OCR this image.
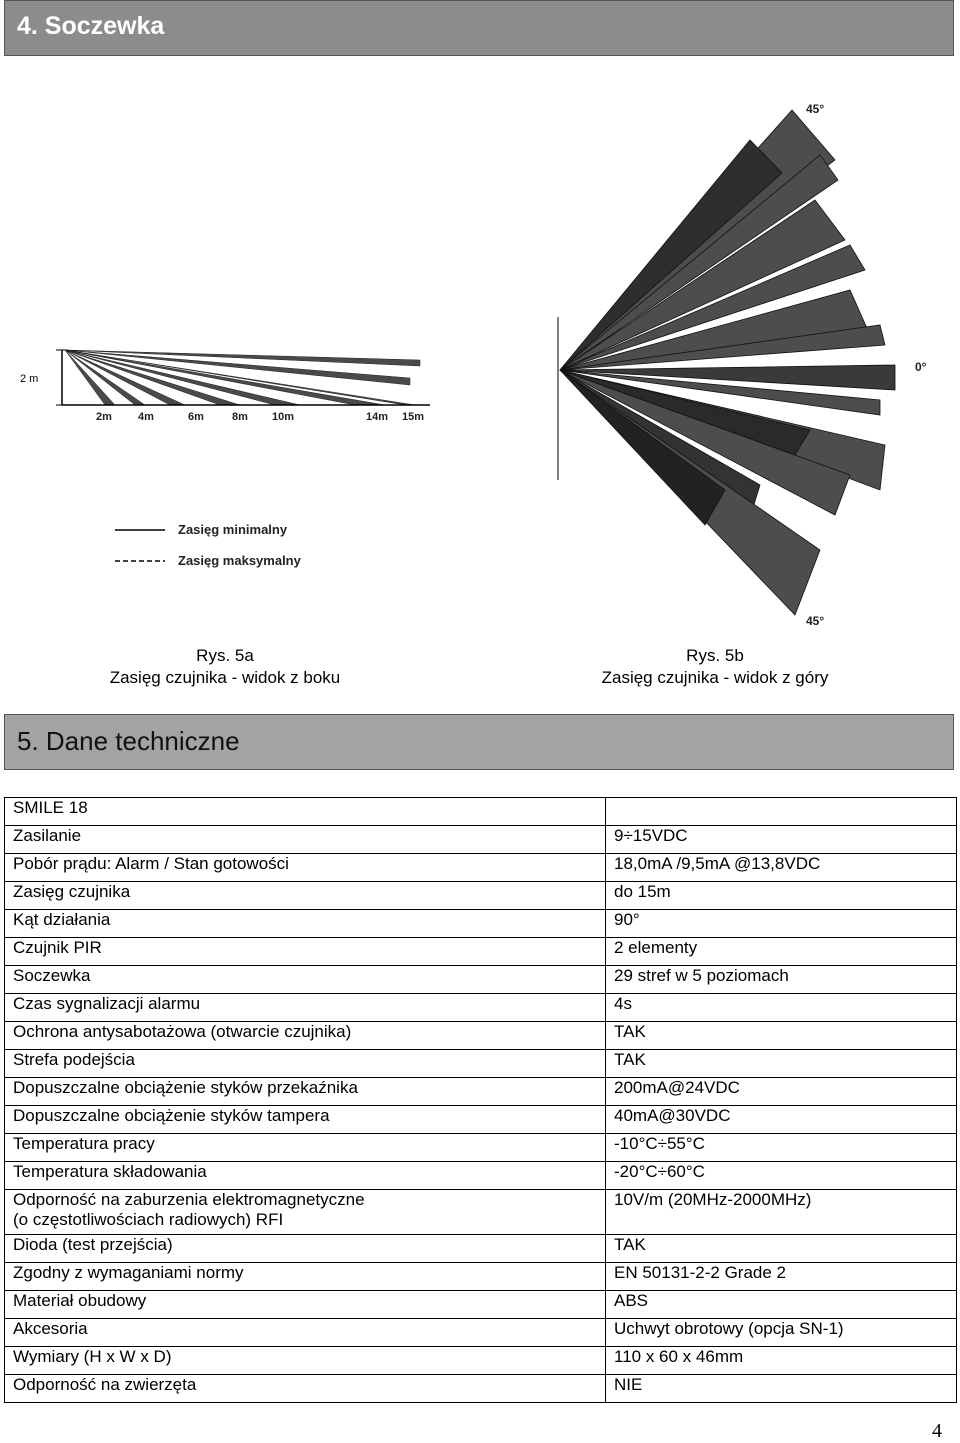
4. Soczewka
2 m
2m 4m	6m	8m 10m	14m 15m
Zasięg minimalny
Zasięg maksymalny
45°
0°
45°
Rys. 5a
Zasięg czujnika - widok z boku
Rys. 5b
Zasięg czujnika - widok z góry
5. Dane techniczne
SMILE 18	
Zasilanie	9÷15VDC
Pobór prądu: Alarm / Stan gotowości	18,0mA /9,5mA @13,8VDC
Zasięg czujnika	do 15m
Kąt działania	90°
Czujnik PIR	2 elementy
Soczewka	29 stref w 5 poziomach
Czas sygnalizacji alarmu	4s
Ochrona antysabotażowa (otwarcie czujnika)	TAK
Strefa podejścia	TAK
Dopuszczalne obciążenie styków przekaźnika	200mA@24VDC
Dopuszczalne obciążenie styków tampera	40mA@30VDC
Temperatura pracy	-10°C÷55°C
Temperatura składowania	-20°C÷60°C

Odporność na zaburzenia elektromagnetyczne
(o częstotliwościach radiowych) RFI	10V/m (20MHz-2000MHz)
Dioda (test przejścia)	TAK
Zgodny z wymaganiami normy	EN 50131-2-2 Grade 2
Materiał obudowy	ABS
Akcesoria	Uchwyt obrotowy (opcja SN-1)
Wymiary (H x W x D)	110 x 60 x 46mm
Odporność na zwierzęta	NIE
4
